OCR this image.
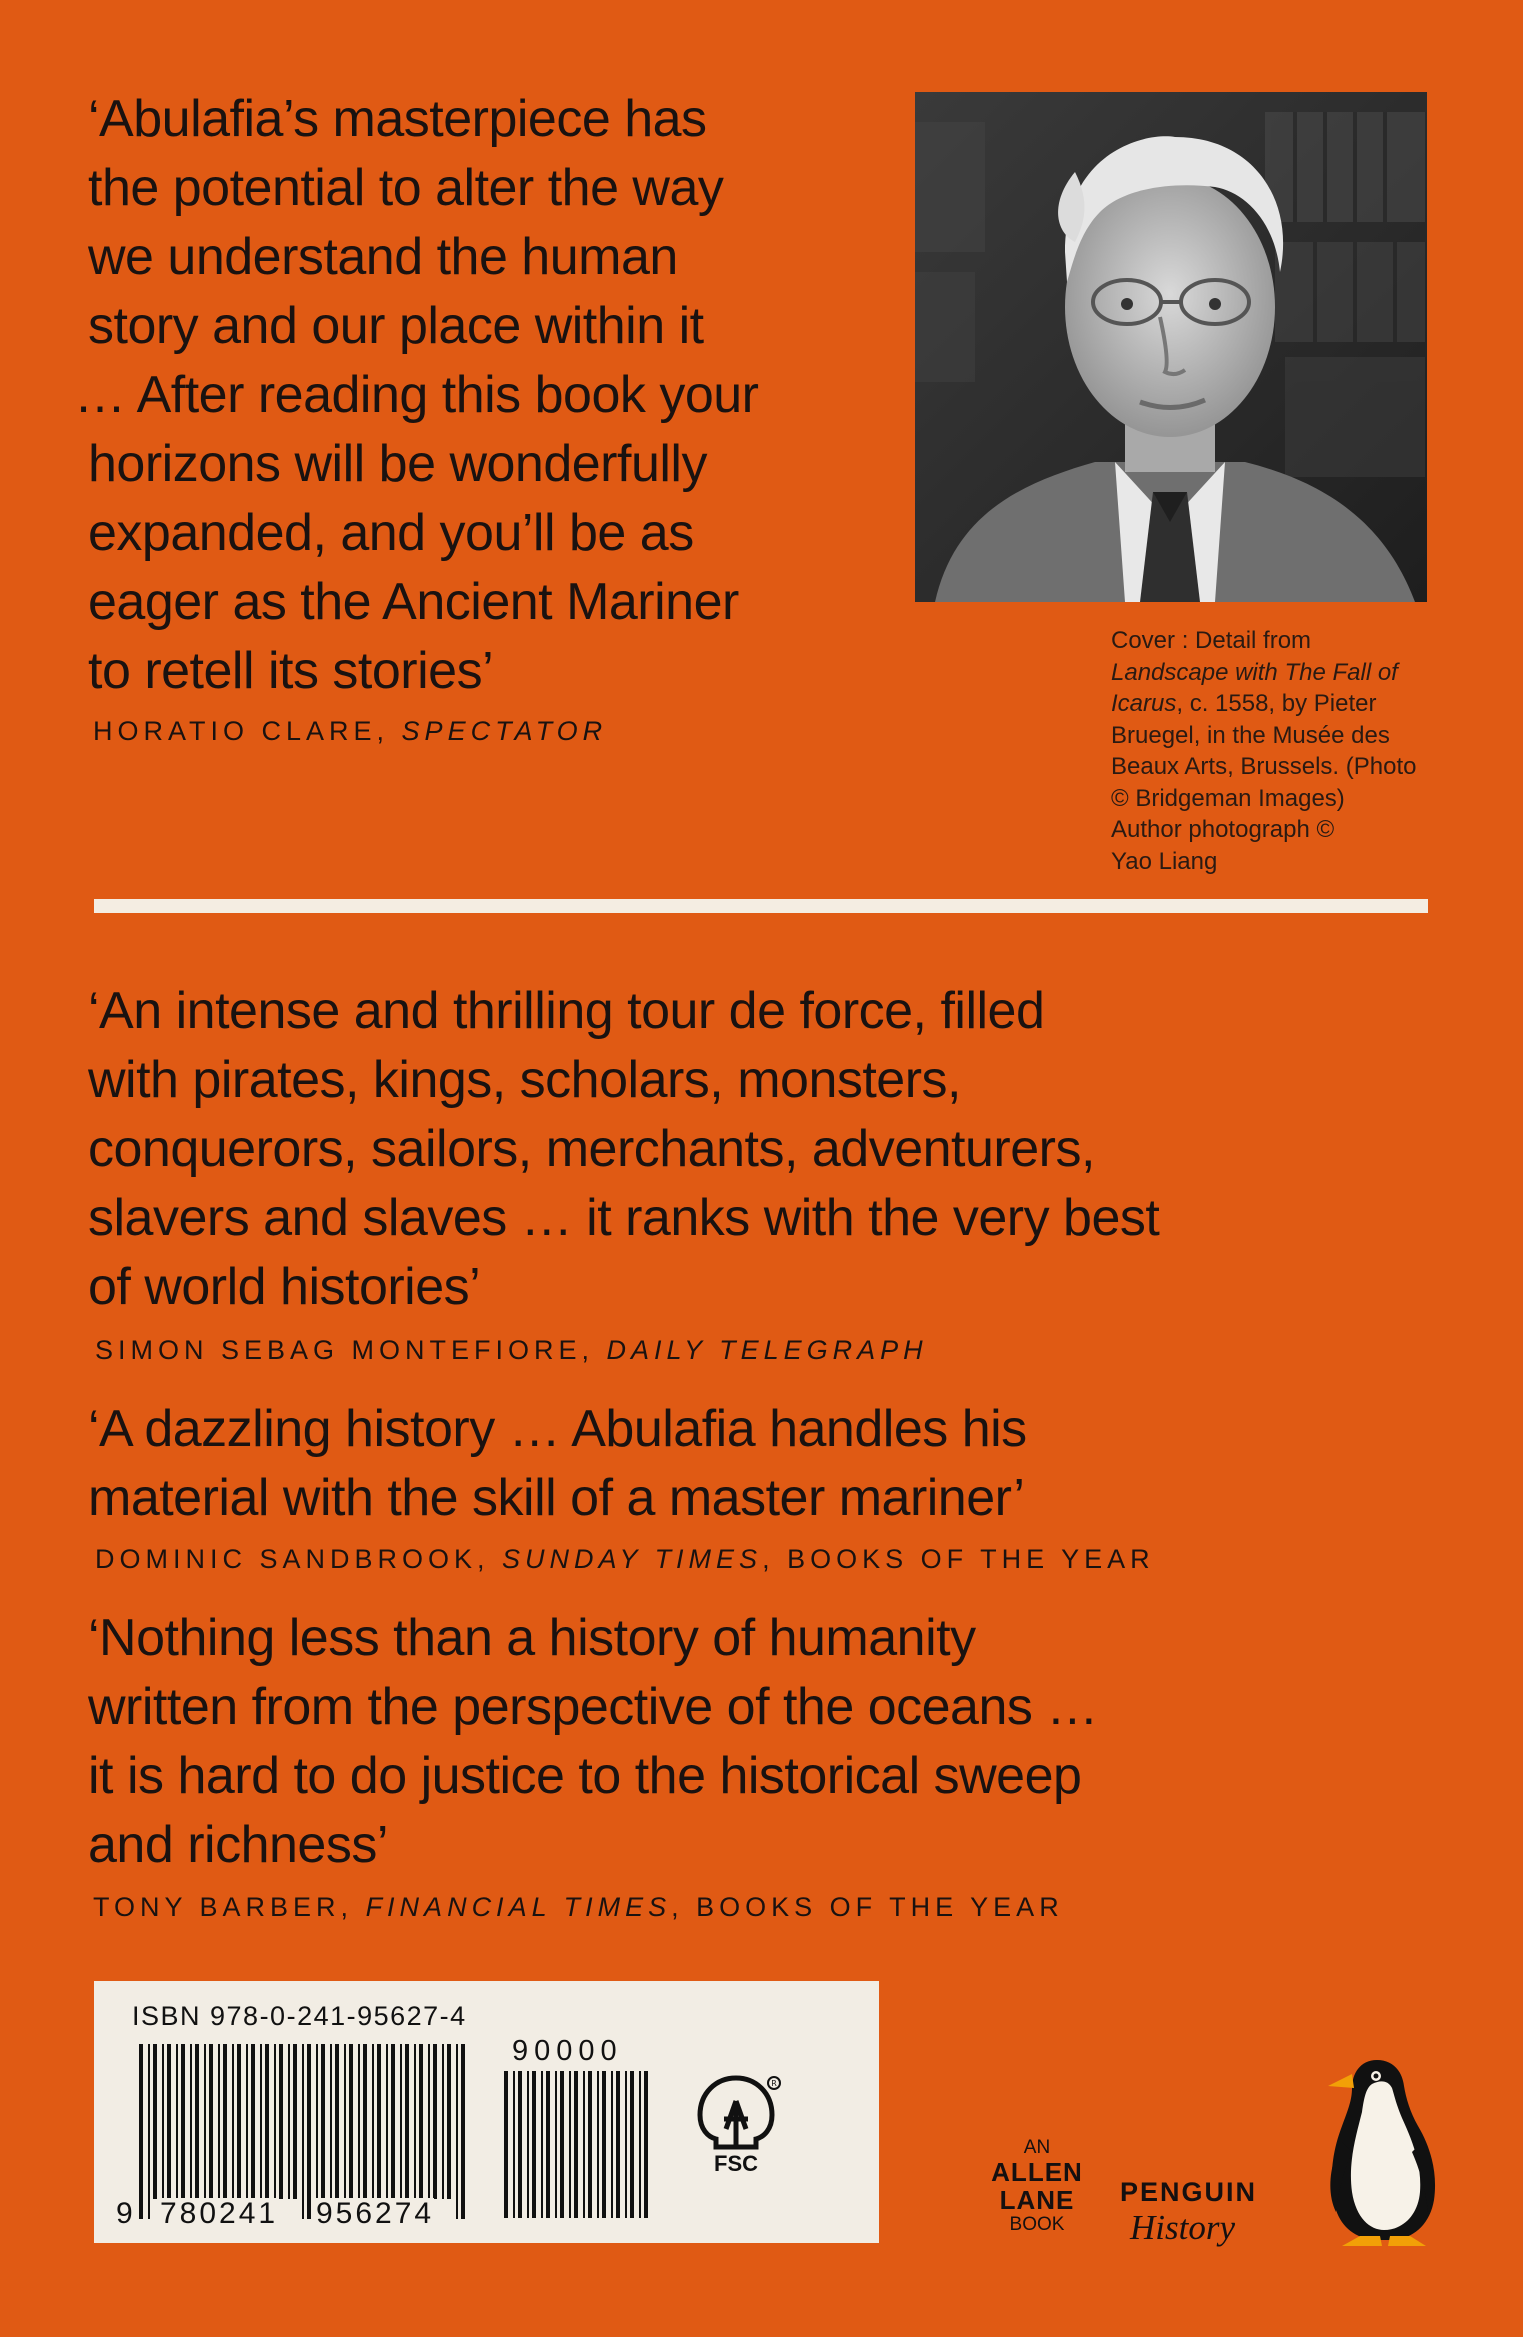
‘Abulafia’s masterpiece has
the potential to alter the way
we understand the human
story and our place within it
… After reading this book your
horizons will be wonderfully
expanded, and you’ll be as
eager as the Ancient Mariner
to retell its stories’

HORATIO CLARE, SPECTATOR
Cover : Detail from
Landscape with The Fall of
Icarus, c. 1558, by Pieter
Bruegel, in the Musée des
Beaux Arts, Brussels. (Photo
© Bridgeman Images)
Author photograph ©
Yao Liang

‘An intense and thrilling tour de force, filled
with pirates, kings, scholars, monsters,
conquerors, sailors, merchants, adventurers,
slavers and slaves … it ranks with the very best
of world histories’

SIMON SEBAG MONTEFIORE, DAILY TELEGRAPH

‘A dazzling history … Abulafia handles his
material with the skill of a master mariner’

DOMINIC SANDBROOK, SUNDAY TIMES, BOOKS OF THE YEAR

‘Nothing less than a history of humanity
written from the perspective of the oceans …
it is hard to do justice to the historical sweep
and richness’

TONY BARBER, FINANCIAL TIMES, BOOKS OF THE YEAR
ISBN 978-0-241-95627-4
90000
9 780241 956274
R
FSC
AN
ALLEN
LANE
BOOK
PENGUIN
History
